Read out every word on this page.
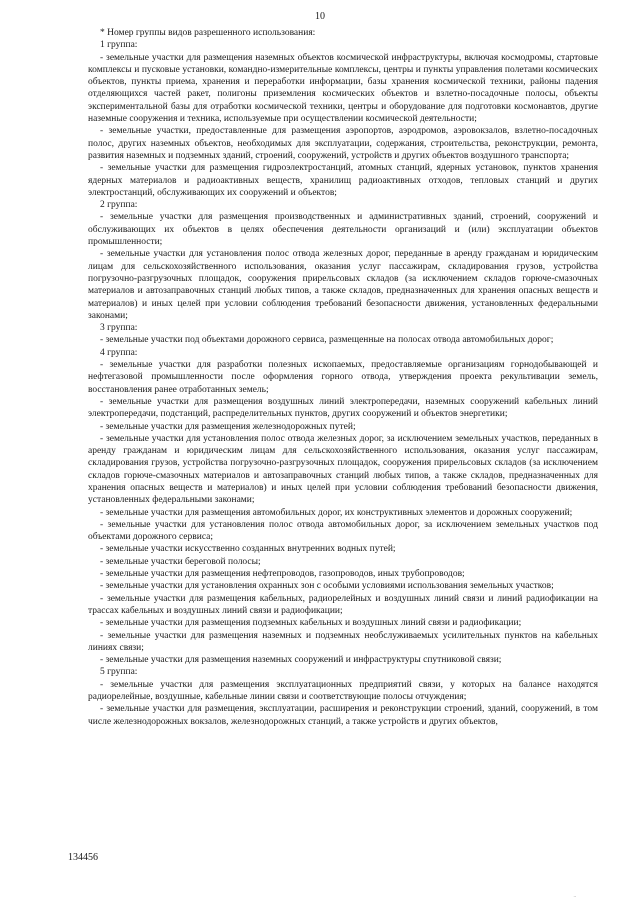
10

* Номер группы видов разрешенного использования:

1 группа:

- земельные участки для размещения наземных объектов космической инфраструктуры, включая космодромы, стартовые комплексы и пусковые установки, командно-измерительные комплексы, центры и пункты управления полетами космических объектов, пункты приема, хранения и переработки информации, базы хранения космической техники, районы падения отделяющихся частей ракет, полигоны приземления космических объектов и взлетно-посадочные полосы, объекты экспериментальной базы для отработки космической техники, центры и оборудование для подготовки космонавтов, другие наземные сооружения и техника, используемые при осуществлении космической деятельности;

- земельные участки, предоставленные для размещения аэропортов, аэродромов, аэровокзалов, взлетно-посадочных полос, других наземных объектов, необходимых для эксплуатации, содержания, строительства, реконструкции, ремонта, развития наземных и подземных зданий, строений, сооружений, устройств и других объектов воздушного транспорта;

- земельные участки для размещения гидроэлектростанций, атомных станций, ядерных установок, пунктов хранения ядерных материалов и радиоактивных веществ, хранилищ радиоактивных отходов, тепловых станций и других электростанций, обслуживающих их сооружений и объектов;

2 группа:

- земельные участки для размещения производственных и административных зданий, строений, сооружений и обслуживающих их объектов в целях обеспечения деятельности организаций и (или) эксплуатации объектов промышленности;

- земельные участки для установления полос отвода железных дорог, переданные в аренду гражданам и юридическим лицам для сельскохозяйственного использования, оказания услуг пассажирам, складирования грузов, устройства погрузочно-разгрузочных площадок, сооружения прирельсовых складов (за исключением складов горюче-смазочных материалов и автозаправочных станций любых типов, а также складов, предназначенных для хранения опасных веществ и материалов) и иных целей при условии соблюдения требований безопасности движения, установленных федеральными законами;

3 группа:

- земельные участки под объектами дорожного сервиса, размещенные на полосах отвода автомобильных дорог;

4 группа:

- земельные участки для разработки полезных ископаемых, предоставляемые организациям горнодобывающей и нефтегазовой промышленности после оформления горного отвода, утверждения проекта рекультивации земель, восстановления ранее отработанных земель;

- земельные участки для размещения воздушных линий электропередачи, наземных сооружений кабельных линий электропередачи, подстанций, распределительных пунктов, других сооружений и объектов энергетики;

- земельные участки для размещения железнодорожных путей;

- земельные участки для установления полос отвода железных дорог, за исключением земельных участков, переданных в аренду гражданам и юридическим лицам для сельскохозяйственного использования, оказания услуг пассажирам, складирования грузов, устройства погрузочно-разгрузочных площадок, сооружения прирельсовых складов (за исключением складов горюче-смазочных материалов и автозаправочных станций любых типов, а также складов, предназначенных для хранения опасных веществ и материалов) и иных целей при условии соблюдения требований безопасности движения, установленных федеральными законами;

- земельные участки для размещения автомобильных дорог, их конструктивных элементов и дорожных сооружений;

- земельные участки для установления полос отвода автомобильных дорог, за исключением земельных участков под объектами дорожного сервиса;

- земельные участки искусственно созданных внутренних водных путей;

- земельные участки береговой полосы;

- земельные участки для размещения нефтепроводов, газопроводов, иных трубопроводов;

- земельные участки для установления охранных зон с особыми условиями использования земельных участков;

- земельные участки для размещения кабельных, радиорелейных и воздушных линий связи и линий радиофикации на трассах кабельных и воздушных линий связи и радиофикации;

- земельные участки для размещения подземных кабельных и воздушных линий связи и радиофикации;

- земельные участки для размещения наземных и подземных необслуживаемых усилительных пунктов на кабельных линиях связи;

- земельные участки для размещения наземных сооружений и инфраструктуры спутниковой связи;

5 группа:

- земельные участки для размещения эксплуатационных предприятий связи, у которых на балансе находятся радиорелейные, воздушные, кабельные линии связи и соответствующие полосы отчуждения;

- земельные участки для размещения, эксплуатации, расширения и реконструкции строений, зданий, сооружений, в том числе железнодорожных вокзалов, железнодорожных станций, а также устройств и других объектов,

134456
..
